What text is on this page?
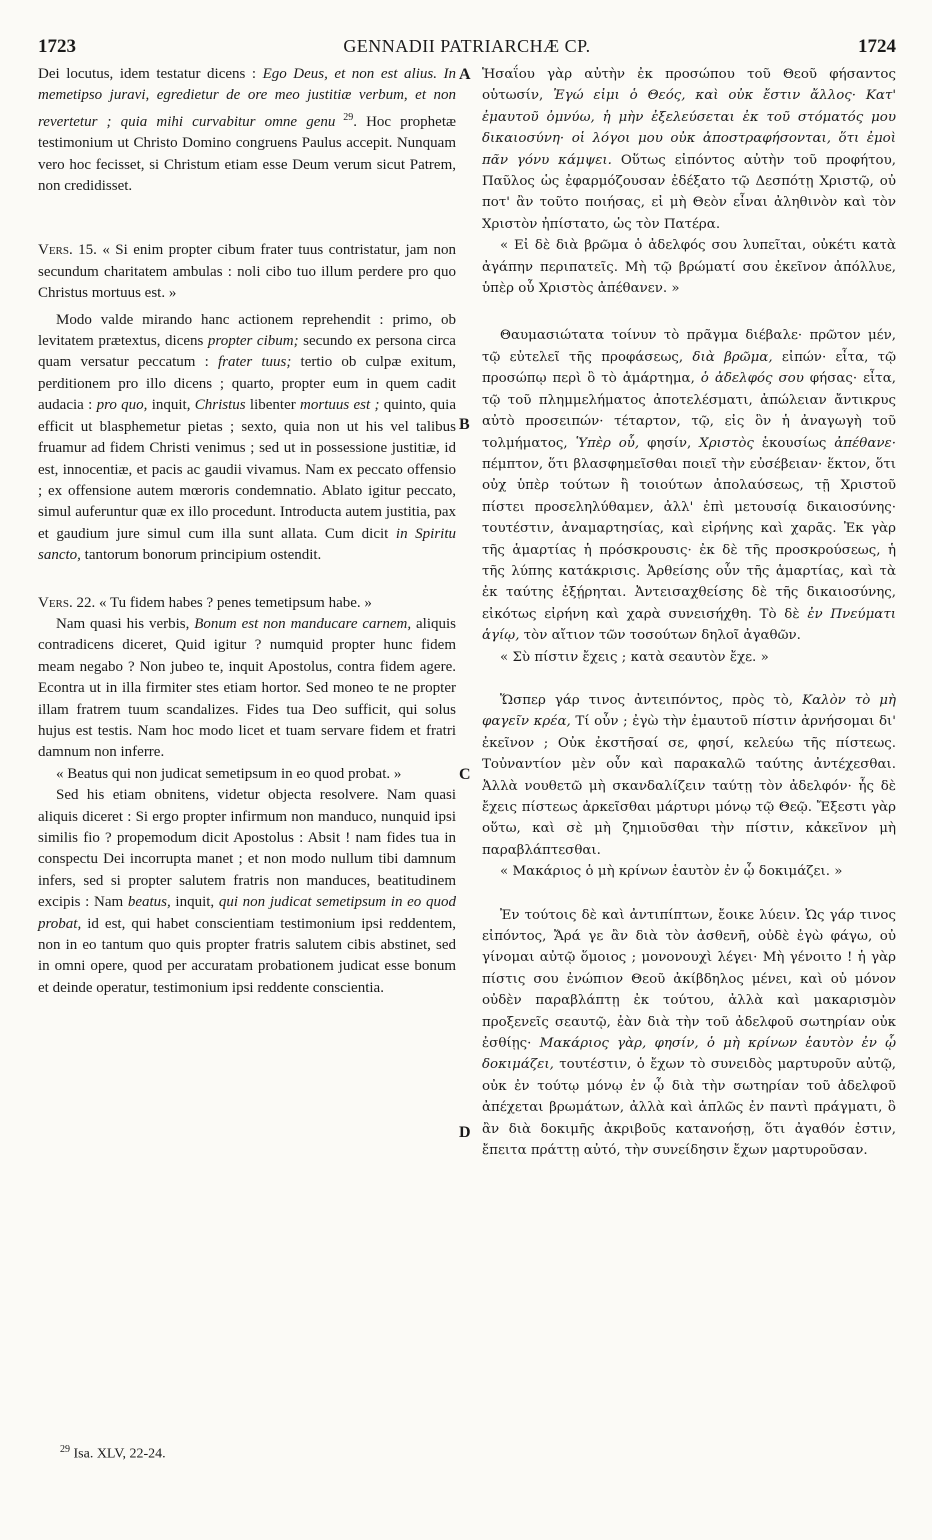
1723	GENNADII PATRIARCHÆ CP.	1724
A
B
C
D

Dei locutus, idem testatur dicens : Ego Deus, et non est alius. In memetipso juravi, egredietur de ore meo justitiæ verbum, et non revertetur ; quia mihi curvabitur omne genu $^{29}$. Hoc prophetæ testimonium ut Christo Domino congruens Paulus accepit. Nunquam vero hoc fecisset, si Christum etiam esse Deum verum sicut Patrem, non credidisset.

Vers. 15. « Si enim propter cibum frater tuus contristatur, jam non secundum charitatem ambulas : noli cibo tuo illum perdere pro quo Christus mortuus est. »

Modo valde mirando hanc actionem reprehendit : primo, ob levitatem prætextus, dicens propter cibum; secundo ex persona circa quam versatur peccatum : frater tuus; tertio ob culpæ exitum, perditionem pro illo dicens ; quarto, propter eum in quem cadit audacia : pro quo, inquit, Christus libenter mortuus est ; quinto, quia efficit ut blasphemetur pietas ; sexto, quia non ut his vel talibus fruamur ad fidem Christi venimus ; sed ut in possessione justitiæ, id est, innocentiæ, et pacis ac gaudii vivamus. Nam ex peccato offensio ; ex offensione autem mœroris condemnatio. Ablato igitur peccato, simul auferuntur quæ ex illo procedunt. Introducta autem justitia, pax et gaudium jure simul cum illa sunt allata. Cum dicit in Spiritu sancto, tantorum bonorum principium ostendit.

Vers. 22. « Tu fidem habes ? penes temetipsum habe. »

Nam quasi his verbis, Bonum est non manducare carnem, aliquis contradicens diceret, Quid igitur ? numquid propter hunc fidem meam negabo ? Non jubeo te, inquit Apostolus, contra fidem agere. Econtra ut in illa firmiter stes etiam hortor. Sed moneo te ne propter illam fratrem tuum scandalizes. Fides tua Deo sufficit, qui solus hujus est testis. Nam hoc modo licet et tuam servare fidem et fratri damnum non inferre.

« Beatus qui non judicat semetipsum in eo quod probat. »

Sed his etiam obnitens, videtur objecta resolvere. Nam quasi aliquis diceret : Si ergo propter infirmum non manduco, nunquid ipsi similis fio ? propemodum dicit Apostolus : Absit ! nam fides tua in conspectu Dei incorrupta manet ; et non modo nullum tibi damnum infers, sed si propter salutem fratris non manduces, beatitudinem excipis : Nam beatus, inquit, qui non judicat semetipsum in eo quod probat, id est, qui habet conscientiam testimonium ipsi reddentem, non in eo tantum quo quis propter fratris salutem cibis abstinet, sed in omni opere, quod per accuratam probationem judicat esse bonum et deinde operatur, testimonium ipsi reddente conscientia.

Ἡσαΐου γὰρ αὐτὴν ἐκ προσώπου τοῦ Θεοῦ φήσαντος οὑτωσίν, Ἐγώ εἰμι ὁ Θεός, καὶ οὐκ ἔστιν ἄλλος· Κατ' ἐμαυτοῦ ὀμνύω, ἡ μὴν ἐξελεύσεται ἐκ τοῦ στόματός μου δικαιοσύνη· οἱ λόγοι μου οὐκ ἀποστραφήσονται, ὅτι ἐμοὶ πᾶν γόνυ κάμψει. Οὕτως εἰπόντος αὐτὴν τοῦ προφήτου, Παῦλος ὡς ἐφαρμόζουσαν ἐδέξατο τῷ Δεσπότῃ Χριστῷ, οὐ ποτ' ἂν τοῦτο ποιήσας, εἰ μὴ Θεὸν εἶναι ἀληθινὸν καὶ τὸν Χριστὸν ἠπίστατο, ὡς τὸν Πατέρα.

« Εἰ δὲ διὰ βρῶμα ὁ ἀδελφός σου λυπεῖται, οὐκέτι κατὰ ἀγάπην περιπατεῖς. Μὴ τῷ βρώματί σου ἐκεῖνον ἀπόλλυε, ὑπὲρ οὗ Χριστὸς ἀπέθανεν. »

Θαυμασιώτατα τοίνυν τὸ πρᾶγμα διέβαλε· πρῶτον μέν, τῷ εὐτελεῖ τῆς προφάσεως, διὰ βρῶμα, εἰπών· εἶτα, τῷ προσώπῳ περὶ ὃ τὸ ἁμάρτημα, ὁ ἀδελφός σου φήσας· εἶτα, τῷ τοῦ πλημμελήματος ἀποτελέσματι, ἀπώλειαν ἄντικρυς αὐτὸ προσειπών· τέταρτον, τῷ, εἰς ὃν ἡ ἀναγωγὴ τοῦ τολμήματος, Ὑπὲρ οὗ, φησίν, Χριστὸς ἑκουσίως ἀπέθανε· πέμπτον, ὅτι βλασφημεῖσθαι ποιεῖ τὴν εὐσέβειαν· ἕκτον, ὅτι οὐχ ὑπὲρ τούτων ἢ τοιούτων ἀπολαύσεως, τῇ Χριστοῦ πίστει προσεληλύθαμεν, ἀλλ' ἐπὶ μετουσίᾳ δικαιοσύνης· τουτέστιν, ἀναμαρτησίας, καὶ εἰρήνης καὶ χαρᾶς. Ἐκ γὰρ τῆς ἁμαρτίας ἡ πρόσκρουσις· ἐκ δὲ τῆς προσκρούσεως, ἡ τῆς λύπης κατάκρισις. Ἀρθείσης οὖν τῆς ἁμαρτίας, καὶ τὰ ἐκ ταύτης ἐξῄρηται. Ἀντεισαχθείσης δὲ τῆς δικαιοσύνης, εἰκότως εἰρήνη καὶ χαρὰ συνεισήχθη. Τὸ δὲ ἐν Πνεύματι ἁγίῳ, τὸν αἴτιον τῶν τοσούτων δηλοῖ ἀγαθῶν.

« Σὺ πίστιν ἔχεις ; κατὰ σεαυτὸν ἔχε. »

Ὥσπερ γάρ τινος ἀντειπόντος, πρὸς τὸ, Καλὸν τὸ μὴ φαγεῖν κρέα, Τί οὖν ; ἐγὼ τὴν ἐμαυτοῦ πίστιν ἀρνήσομαι δι' ἐκεῖνον ; Οὐκ ἐκστῆσαί σε, φησί, κελεύω τῆς πίστεως. Τοὐναντίον μὲν οὖν καὶ παρακαλῶ ταύτης ἀντέχεσθαι. Ἀλλὰ νουθετῶ μὴ σκανδαλίζειν ταύτῃ τὸν ἀδελφόν· ἧς δὲ ἔχεις πίστεως ἀρκεῖσθαι μάρτυρι μόνῳ τῷ Θεῷ. Ἔξεστι γὰρ οὕτω, καὶ σὲ μὴ ζημιοῦσθαι τὴν πίστιν, κἀκεῖνον μὴ παραβλάπτεσθαι.

« Μακάριος ὁ μὴ κρίνων ἑαυτὸν ἐν ᾧ δοκιμάζει. »

Ἐν τούτοις δὲ καὶ ἀντιπίπτων, ἔοικε λύειν. Ὡς γάρ τινος εἰπόντος, Ἄρά γε ἂν διὰ τὸν ἀσθενῆ, οὐδὲ ἐγὼ φάγω, οὐ γίνομαι αὐτῷ ὅμοιος ; μονονουχὶ λέγει· Μὴ γένοιτο ! ἡ γὰρ πίστις σου ἐνώπιον Θεοῦ ἀκίβδηλος μένει, καὶ οὐ μόνον οὐδὲν παραβλάπτῃ ἐκ τούτου, ἀλλὰ καὶ μακαρισμὸν προξενεῖς σεαυτῷ, ἐὰν διὰ τὴν τοῦ ἀδελφοῦ σωτηρίαν οὐκ ἐσθίῃς· Μακάριος γὰρ, φησίν, ὁ μὴ κρίνων ἑαυτὸν ἐν ᾧ δοκιμάζει, τουτέστιν, ὁ ἔχων τὸ συνειδὸς μαρτυροῦν αὐτῷ, οὐκ ἐν τούτῳ μόνῳ ἐν ᾧ διὰ τὴν σωτηρίαν τοῦ ἀδελφοῦ ἀπέχεται βρωμάτων, ἀλλὰ καὶ ἁπλῶς ἐν παντὶ πράγματι, ὃ ἂν διὰ δοκιμῆς ἀκριβοῦς κατανοήσῃ, ὅτι ἀγαθόν ἐστιν, ἔπειτα πράττῃ αὐτό, τὴν συνείδησιν ἔχων μαρτυροῦσαν.

$^{29}$ Isa. XLV, 22-24.
